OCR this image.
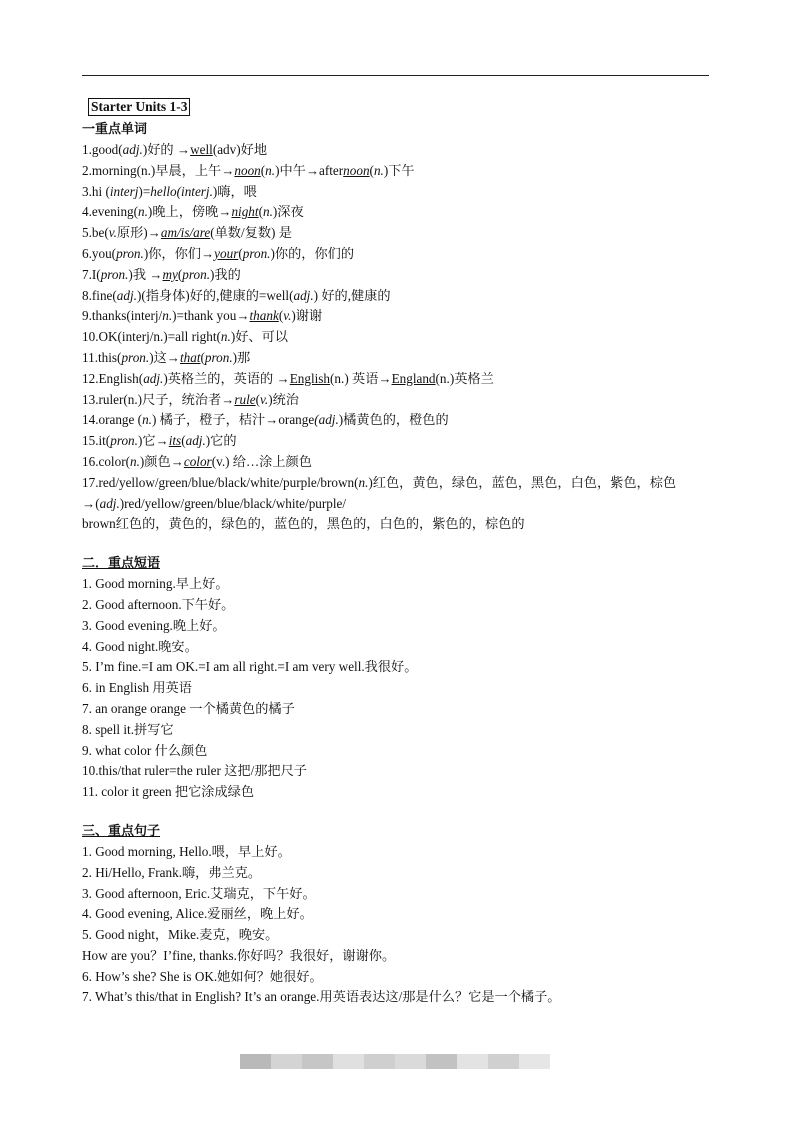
Starter Units 1-3
一重点单词
1.good(adj.)好的 →well(adv)好地
2.morning(n.)早晨，上午→noon(n.)中午→afternoon(n.)下午
3.hi (interj)=hello(interj.)嗨，喂
4.evening(n.)晚上，傍晚→night(n.)深夜
5.be(v.原形)→am/is/are(单数/复数) 是
6.you(pron.)你，你们→your(pron.)你的，你们的
7.I(pron.)我 →my(pron.)我的
8.fine(adj.)(指身体)好的,健康的=well(adj.) 好的,健康的
9.thanks(interj/n.)=thank you→thank(v.)谢谢
10.OK(interj/n.)=all right(n.)好、可以
11.this(pron.)这→that(pron.)那
12.English(adj.)英格兰的，英语的 →English(n.) 英语→England(n.)英格兰
13.ruler(n.)尺子，统治者→rule(v.)统治
14.orange (n.) 橘子，橙子，桔汁→orange(adj.)橘黄色的，橙色的
15.it(pron.)它→its(adj.)它的
16.color(n.)颜色→color(v.) 给…涂上颜色
17.red/yellow/green/blue/black/white/purple/brown(n.)红色，黄色，绿色，蓝色，黑色，白色，紫色，棕色
→(adj.)red/yellow/green/blue/black/white/purple/
brown红色的，黄色的，绿色的，蓝色的，黑色的，白色的，紫色的，棕色的
二．重点短语
1. Good morning.早上好。
2. Good afternoon.下午好。
3. Good evening.晚上好。
4. Good night.晚安。
5. I’m fine.=I am OK.=I am all right.=I am very well.我很好。
6. in English 用英语
7. an orange orange 一个橘黄色的橘子
8. spell it.拼写它
9. what color 什么颜色
10.this/that ruler=the ruler 这把/那把尺子
11. color it green 把它涂成绿色
三、重点句子
1. Good morning, Hello.喂，早上好。
2. Hi/Hello, Frank.嗨，弗兰克。
3. Good afternoon, Eric.艾瑞克，下午好。
4. Good evening, Alice.爱丽丝，晚上好。
5. Good night，Mike.麦克，晚安。
How are you？I’fine, thanks.你好吗？我很好，谢谢你。
6. How’s she? She is OK.她如何？她很好。
7. What’s this/that in English? It’s an orange.用英语表达这/那是什么？它是一个橘子。
